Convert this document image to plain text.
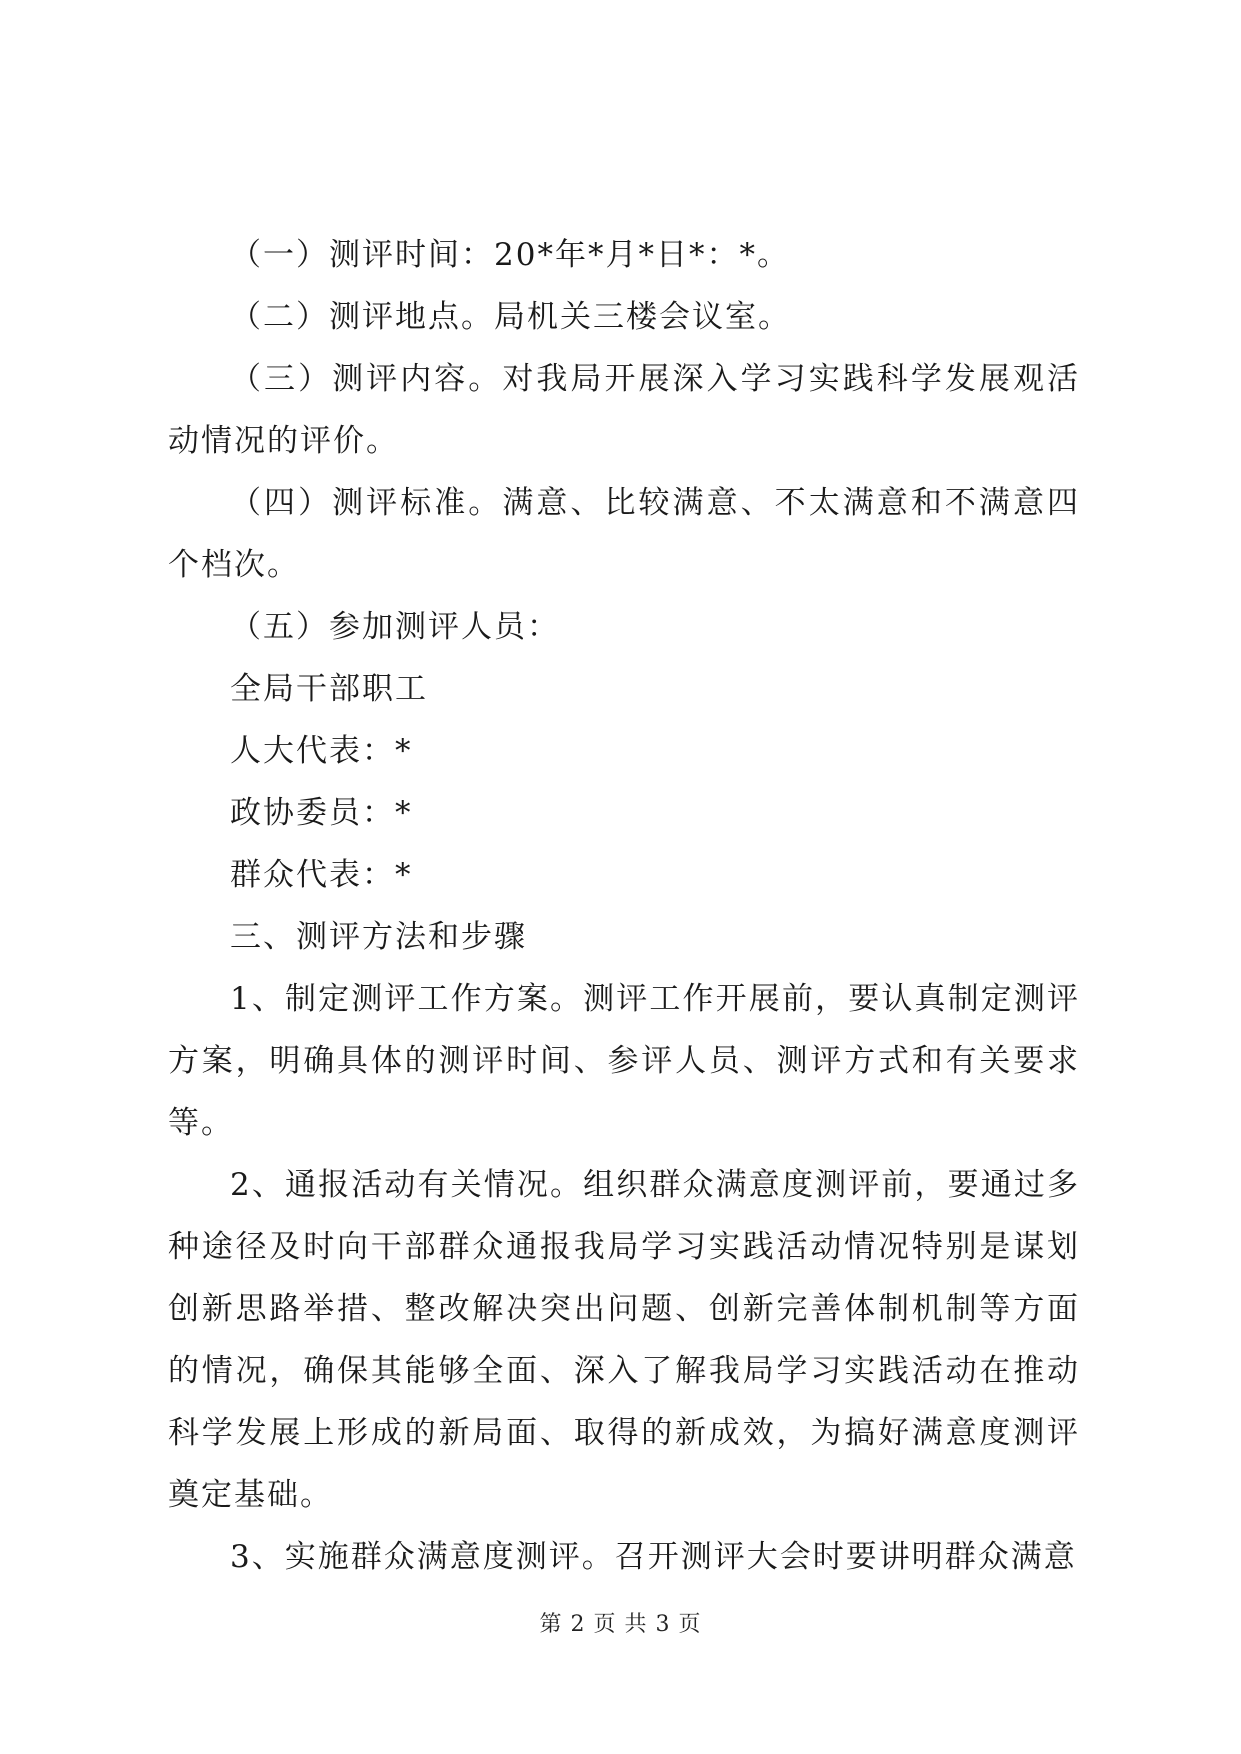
（一）测评时间：20*年*月*日*：*。

（二）测评地点。局机关三楼会议室。

（三）测评内容。对我局开展深入学习实践科学发展观活动情况的评价。

（四）测评标准。满意、比较满意、不太满意和不满意四个档次。

（五）参加测评人员：

全局干部职工

人大代表：*

政协委员：*

群众代表：*

三、测评方法和步骤

1、制定测评工作方案。测评工作开展前，要认真制定测评方案，明确具体的测评时间、参评人员、测评方式和有关要求等。

2、通报活动有关情况。组织群众满意度测评前，要通过多种途径及时向干部群众通报我局学习实践活动情况特别是谋划创新思路举措、整改解决突出问题、创新完善体制机制等方面的情况，确保其能够全面、深入了解我局学习实践活动在推动科学发展上形成的新局面、取得的新成效，为搞好满意度测评奠定基础。

3、实施群众满意度测评。召开测评大会时要讲明群众满意

第 2 页 共 3 页
